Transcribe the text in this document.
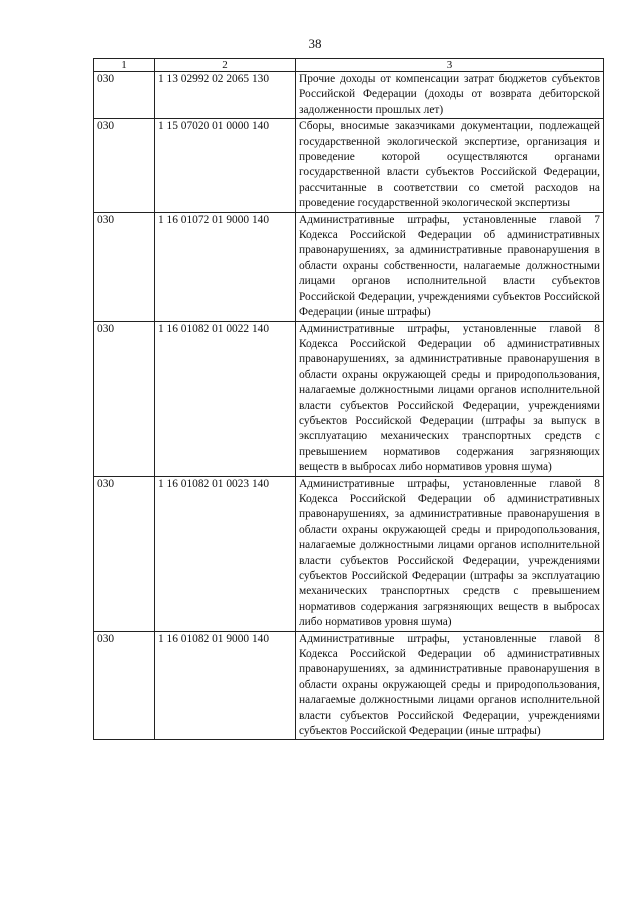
38
1	2	3
030	1 13 02992 02 2065 130	Прочие доходы от компенсации затрат бюджетов субъектов Российской Федерации (доходы от возврата дебиторской задолженности прошлых лет)
030	1 15 07020 01 0000 140	Сборы, вносимые заказчиками документации, подлежащей государственной экологической экспертизе, организация и проведение которой осуществляются органами государственной власти субъектов Российской Федерации, рассчитанные в соответствии со сметой расходов на проведение государственной экологической экспертизы
030	1 16 01072 01 9000 140	Административные штрафы, установленные главой 7 Кодекса Российской Федерации об административных правонарушениях, за административные правонарушения в области охраны собственности, налагаемые должностными лицами органов исполнительной власти субъектов Российской Федерации, учреждениями субъектов Российской Федерации (иные штрафы)
030	1 16 01082 01 0022 140	Административные штрафы, установленные главой 8 Кодекса Российской Федерации об административных правонарушениях, за административные правонарушения в области охраны окружающей среды и природопользования, налагаемые должностными лицами органов исполнительной власти субъектов Российской Федерации, учреждениями субъектов Российской Федерации (штрафы за выпуск в эксплуатацию механических транспортных средств с превышением нормативов содержания загрязняющих веществ в выбросах либо нормативов уровня шума)
030	1 16 01082 01 0023 140	Административные штрафы, установленные главой 8 Кодекса Российской Федерации об административных правонарушениях, за административные правонарушения в области охраны окружающей среды и природопользования, налагаемые должностными лицами органов исполнительной власти субъектов Российской Федерации, учреждениями субъектов Российской Федерации (штрафы за эксплуатацию механических транспортных средств с превышением нормативов содержания загрязняющих веществ в выбросах либо нормативов уровня шума)
030	1 16 01082 01 9000 140	Административные штрафы, установленные главой 8 Кодекса Российской Федерации об административных правонарушениях, за административные правонарушения в области охраны окружающей среды и природопользования, налагаемые должностными лицами органов исполнительной власти субъектов Российской Федерации, учреждениями субъектов Российской Федерации (иные штрафы)
